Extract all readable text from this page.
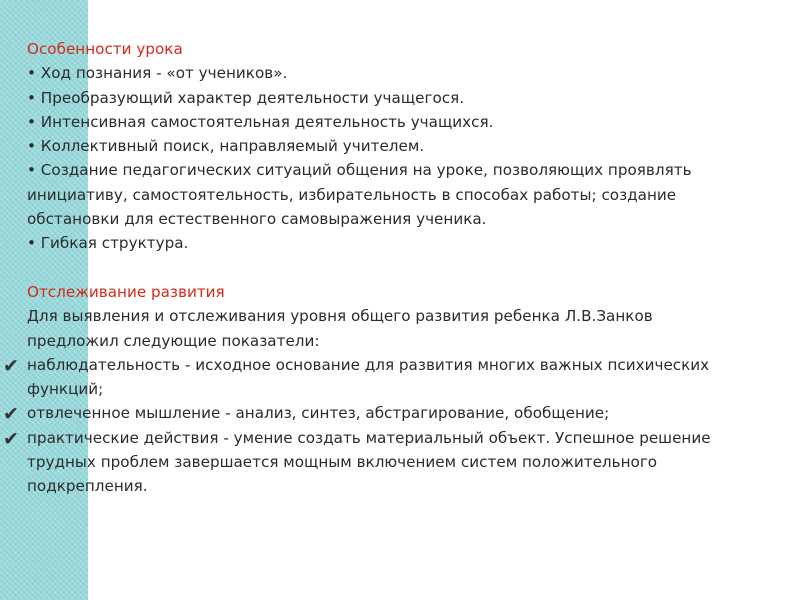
Особенности урока

• Ход познания - «от учеников».

• Преобразующий характер деятельности учащегося.

• Интенсивная самостоятельная деятельность учащихся.

• Коллективный поиск, направляемый учителем.

• Создание педагогических ситуаций общения на уроке, позволяющих проявлять

инициативу, самостоятельность, избирательность в способах работы; создание

обстановки для естественного самовыражения ученика.

• Гибкая структура.

Отслеживание развития

Для выявления и отслеживания уровня общего развития ребенка Л.В.Занков

предложил следующие показатели:

✔ наблюдательность - исходное основание для развития многих важных психических

функций;

✔ отвлеченное мышление - анализ, синтез, абстрагирование, обобщение;

✔ практические действия - умение создать материальный объект. Успешное решение

трудных проблем завершается мощным включением систем положительного

подкрепления.
